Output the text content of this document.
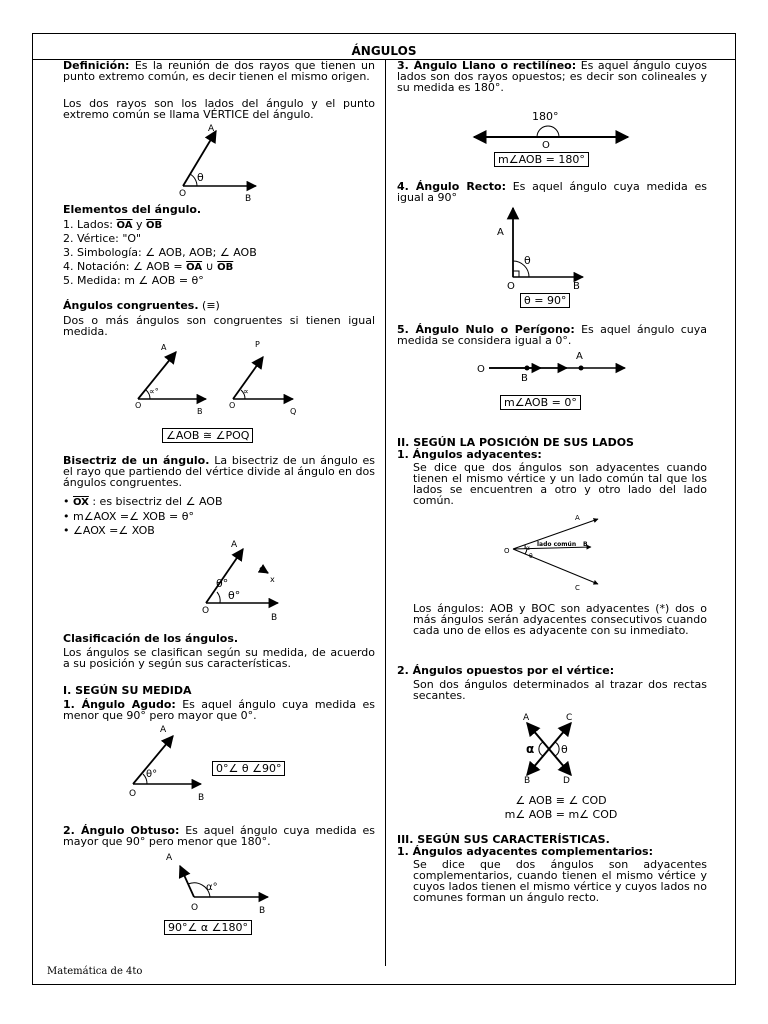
ÁNGULOS

Definición: Es la reunión de dos rayos que tienen un punto extremo común, es decir tienen el mismo origen.

Los dos rayos son los lados del ángulo y el punto extremo común se llama VÉRTICE del ángulo.

A
O	B
θ

Elementos del ángulo.

1. Lados: $\overline{OA}$ y $\overline{OB}$

2. Vértice: "O"

3. Simbología: ∠ AOB, AOB; ∠ AOB

4. Notación: ∠ AOB = $\overline{OA}$ ∪ $\overline{OB}$

5. Medida: m ∠ AOB = θ°

Ángulos congruentes. (≡)

Dos o más ángulos son congruentes si tienen igual medida.

A
O
B
∝°
P
O
Q
∝
∠AOB ≅ ∠POQ

Bisectriz de un ángulo. La bisectriz de un ángulo es el rayo que partiendo del vértice divide al ángulo en dos ángulos congruentes.

• $\overline{OX}$ : es bisectriz del ∠ AOB

• m∠AOX =∠ XOB = θ°

• ∠AOX =∠ XOB

A
O
B
x
θ°
θ°

Clasificación de los ángulos.

Los ángulos se clasifican según su medida, de acuerdo a su posición y según sus características.

I. SEGÚN SU MEDIDA

1. Ángulo Agudo: Es aquel ángulo cuya medida es menor que 90° pero mayor que 0°.

A
O	B
θ°	0°∠ θ ∠90°

2. Ángulo Obtuso: Es aquel ángulo cuya medida es mayor que 90° pero menor que 180°.

A
O	B
α°
90°∠ α ∠180°

3. Ángulo Llano o rectilíneo: Es aquel ángulo cuyos lados son dos rayos opuestos; es decir son colineales y su medida es 180°.

180°
O
m∠AOB = 180°

4. Ángulo Recto: Es aquel ángulo cuya medida es igual a 90°

A
O	B
θ
θ = 90°

5. Ángulo Nulo o Perígono: Es aquel ángulo cuya medida se considera igual a 0°.

O
B
A
m∠AOB = 0°

II. SEGÚN LA POSICIÓN DE SUS LADOS

1. Ángulos adyacentes:

Se dice que dos ángulos son adyacentes cuando tienen el mismo vértice y un lado común tal que los lados se encuentren a otro y otro lado del lado común.

A
O
lado común B
C
α
θ

Los ángulos: AOB y BOC son adyacentes (*) dos o más ángulos serán adyacentes consecutivos cuando cada uno de ellos es adyacente con su inmediato.

2. Ángulos opuestos por el vértice:

Son dos ángulos determinados al trazar dos rectas secantes.

A	C
B	D
α θ

∠ AOB ≡ ∠ COD

m∠ AOB = m∠ COD

III. SEGÚN SUS CARACTERÍSTICAS.

1. Ángulos adyacentes complementarios:

Se dice que dos ángulos son adyacentes complementarios, cuando tienen el mismo vértice y cuyos lados tienen el mismo vértice y cuyos lados no comunes forman un ángulo recto.

Matemática de 4to
